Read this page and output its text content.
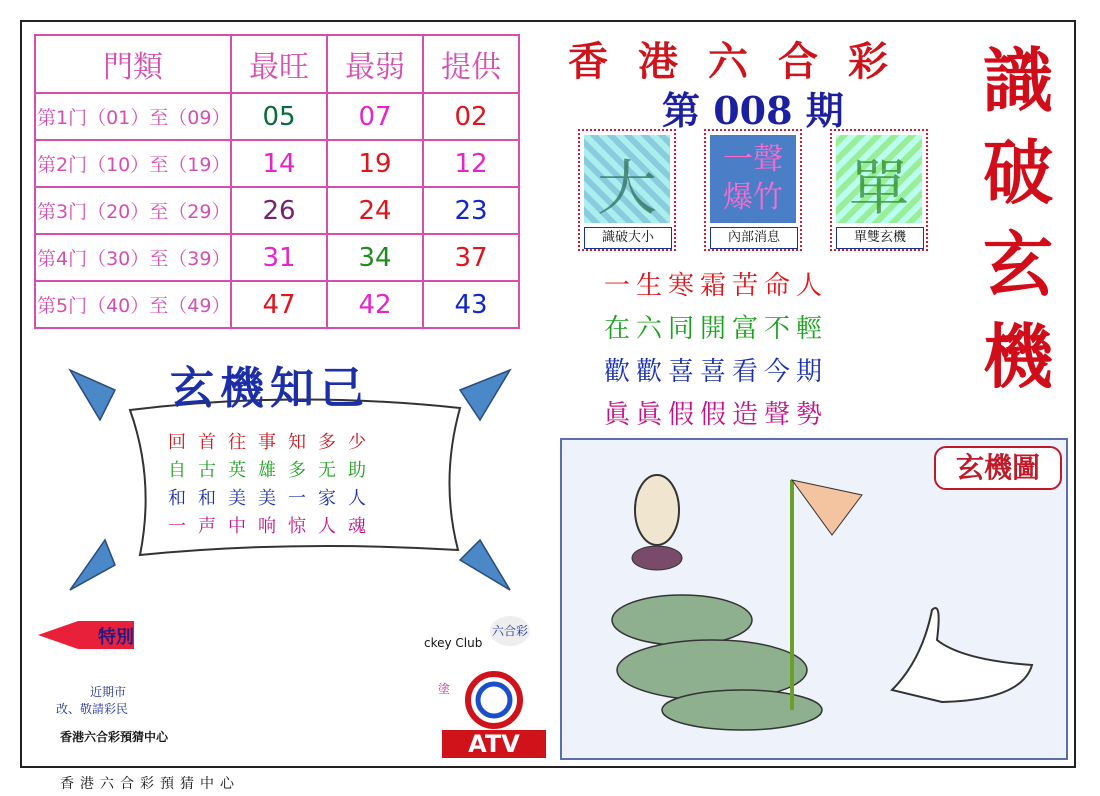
門類	最旺	最弱	提供
第1门（01）至（09）	05	07	02
第2门（10）至（19）	14	19	12
第3门（20）至（29）	26	24	23
第4门（30）至（39）	31	34	37
第5门（40）至（49）	47	42	43
香港六合彩
第 008 期 識
破
玄
機
大
識破大小
一聲爆竹
內部消息
單
單雙玄機
一生寒霜苦命人
在六同開富不輕
歡歡喜喜看今期
眞眞假假造聲勢
玄機知己
回首往事知多少
自古英雄多无助
和和美美一家人
一声中响惊人魂
玄機圖
特別
近期市
改、敬請彩民
香港六合彩預猜中心
ckey Club
六合彩
塗
ATV
香港六合彩預猜中心
